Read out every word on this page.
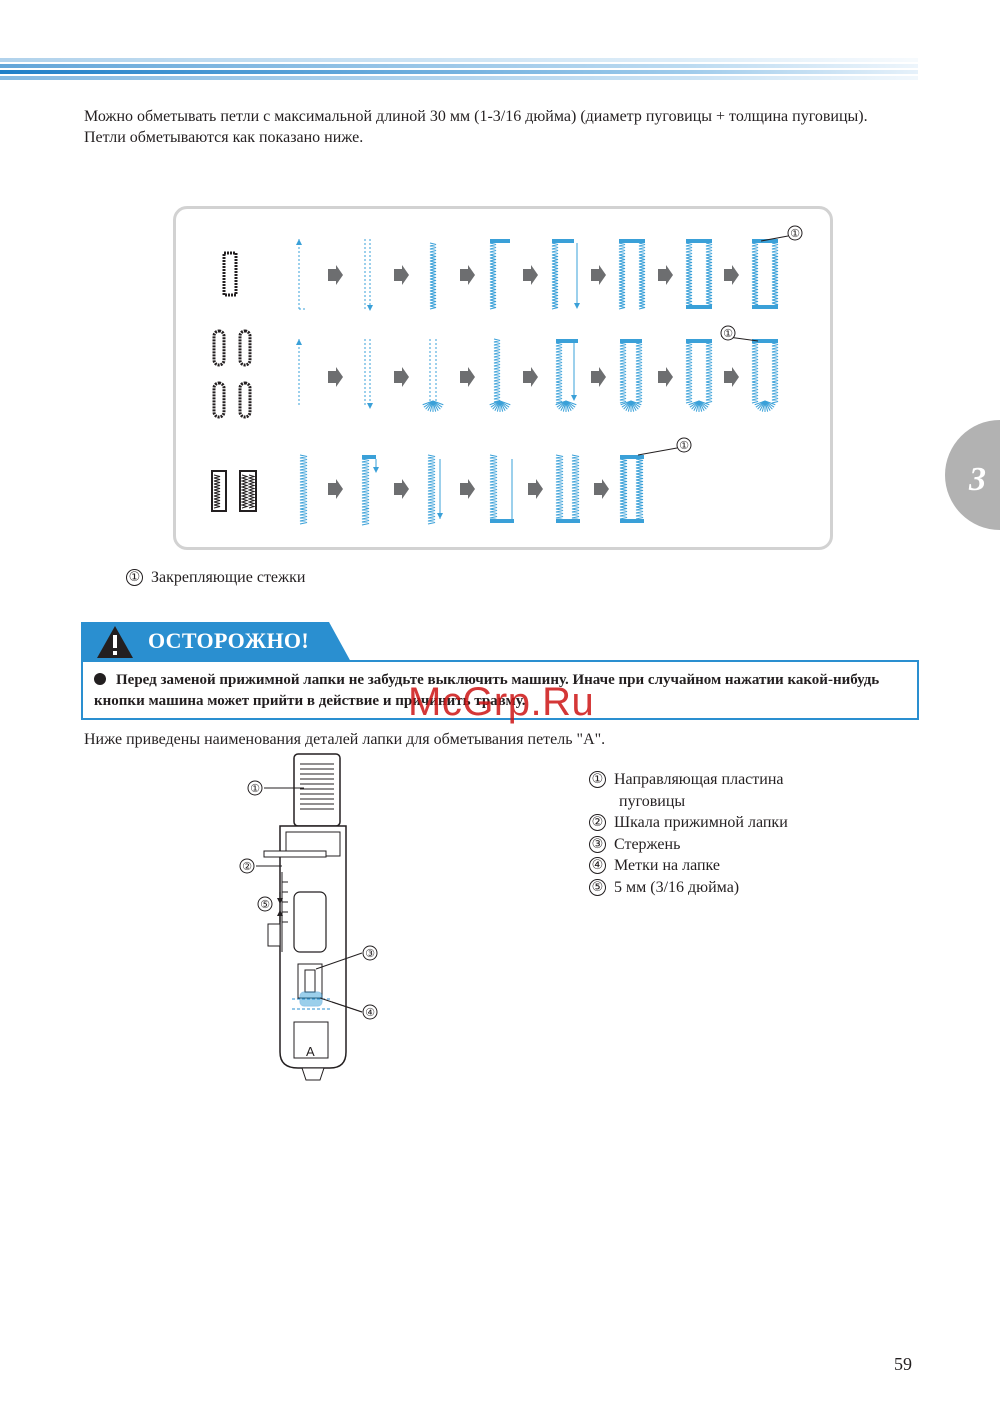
Можно обметывать петли с максимальной длиной 30 мм (1-3/16 дюйма) (диаметр пуговицы + толщина пуговицы).

Петли обметываются как показано ниже.

①
①
①
① Закрепляющие стежки
ОСТОРОЖНО!
Перед заменой прижимной лапки не забудьте выключить машину. Иначе при случайном нажатии какой-нибудь кнопки машина может прийти в действие и причинить травму.
McGrp.Ru
Ниже приведены наименования деталей лапки для обметывания петель "A".
A
①
②
③
④
⑤
① Направляющая пластина
пуговицы
② Шкала прижимной лапки
③ Стержень
④ Метки на лапке
⑤ 5 мм (3/16 дюйма)
3
59
